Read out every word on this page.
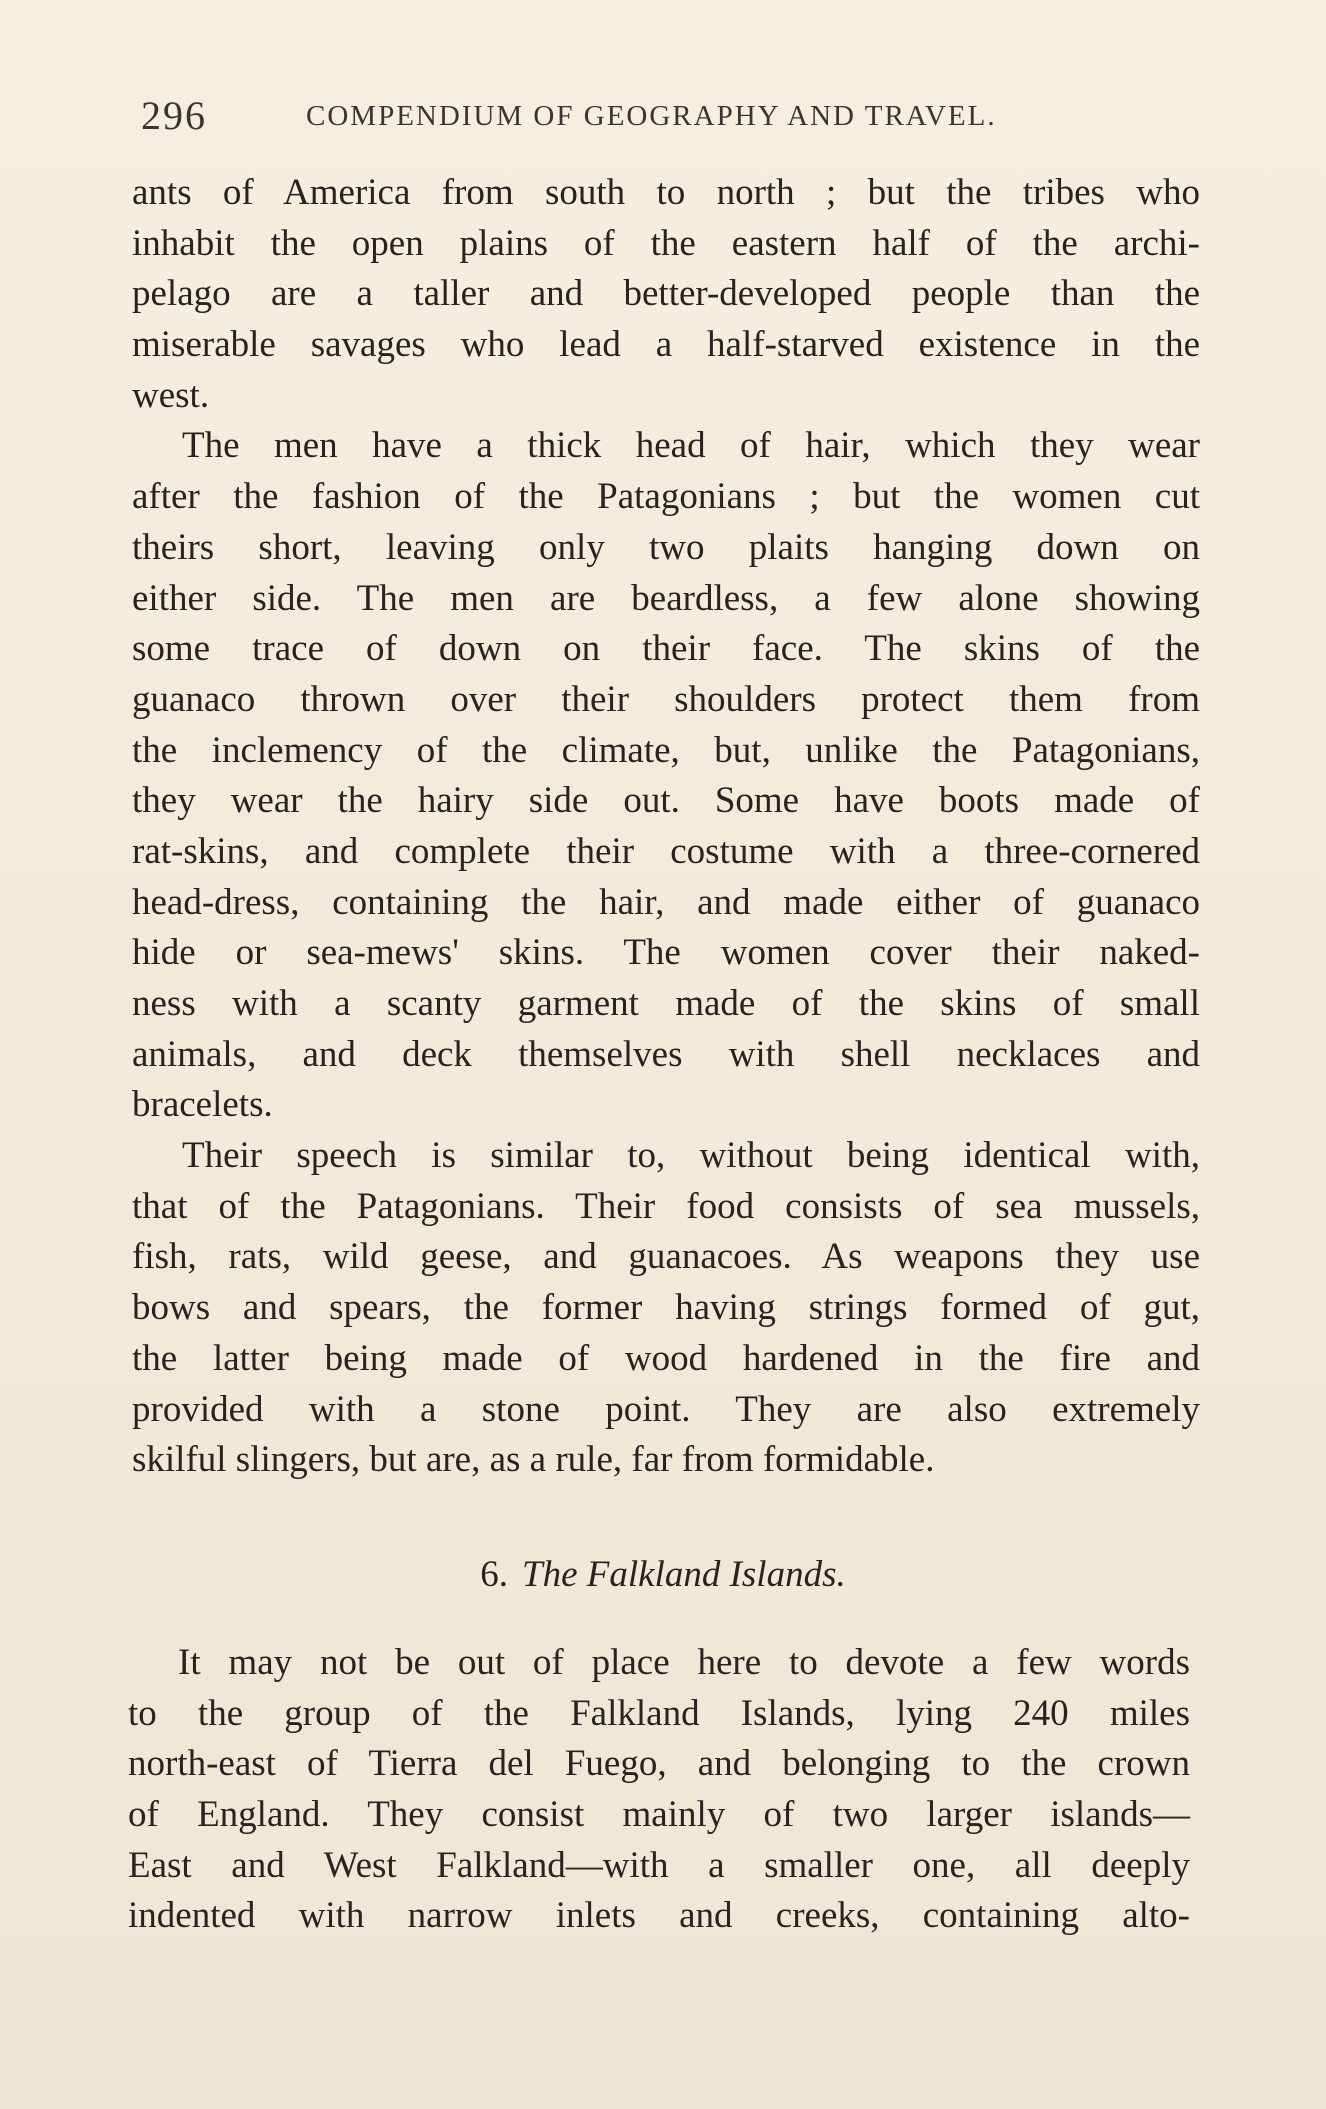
296	COMPENDIUM OF GEOGRAPHY AND TRAVEL.
ants of America from south to north ; but the tribes who
inhabit the open plains of the eastern half of the archi-
pelago are a taller and better-developed people than the
miserable savages who lead a half-starved existence in the
west.
The men have a thick head of hair, which they wear
after the fashion of the Patagonians ; but the women cut
theirs short, leaving only two plaits hanging down on
either side. The men are beardless, a few alone showing
some trace of down on their face. The skins of the
guanaco thrown over their shoulders protect them from
the inclemency of the climate, but, unlike the Patagonians,
they wear the hairy side out. Some have boots made of
rat-skins, and complete their costume with a three-cornered
head-dress, containing the hair, and made either of guanaco
hide or sea-mews' skins. The women cover their naked-
ness with a scanty garment made of the skins of small
animals, and deck themselves with shell necklaces and
bracelets.
Their speech is similar to, without being identical with,
that of the Patagonians. Their food consists of sea mussels,
fish, rats, wild geese, and guanacoes. As weapons they use
bows and spears, the former having strings formed of gut,
the latter being made of wood hardened in the fire and
provided with a stone point. They are also extremely
skilful slingers, but are, as a rule, far from formidable.
6. The Falkland Islands.
It may not be out of place here to devote a few words
to the group of the Falkland Islands, lying 240 miles
north-east of Tierra del Fuego, and belonging to the crown
of England. They consist mainly of two larger islands—
East and West Falkland—with a smaller one, all deeply
indented with narrow inlets and creeks, containing alto-
